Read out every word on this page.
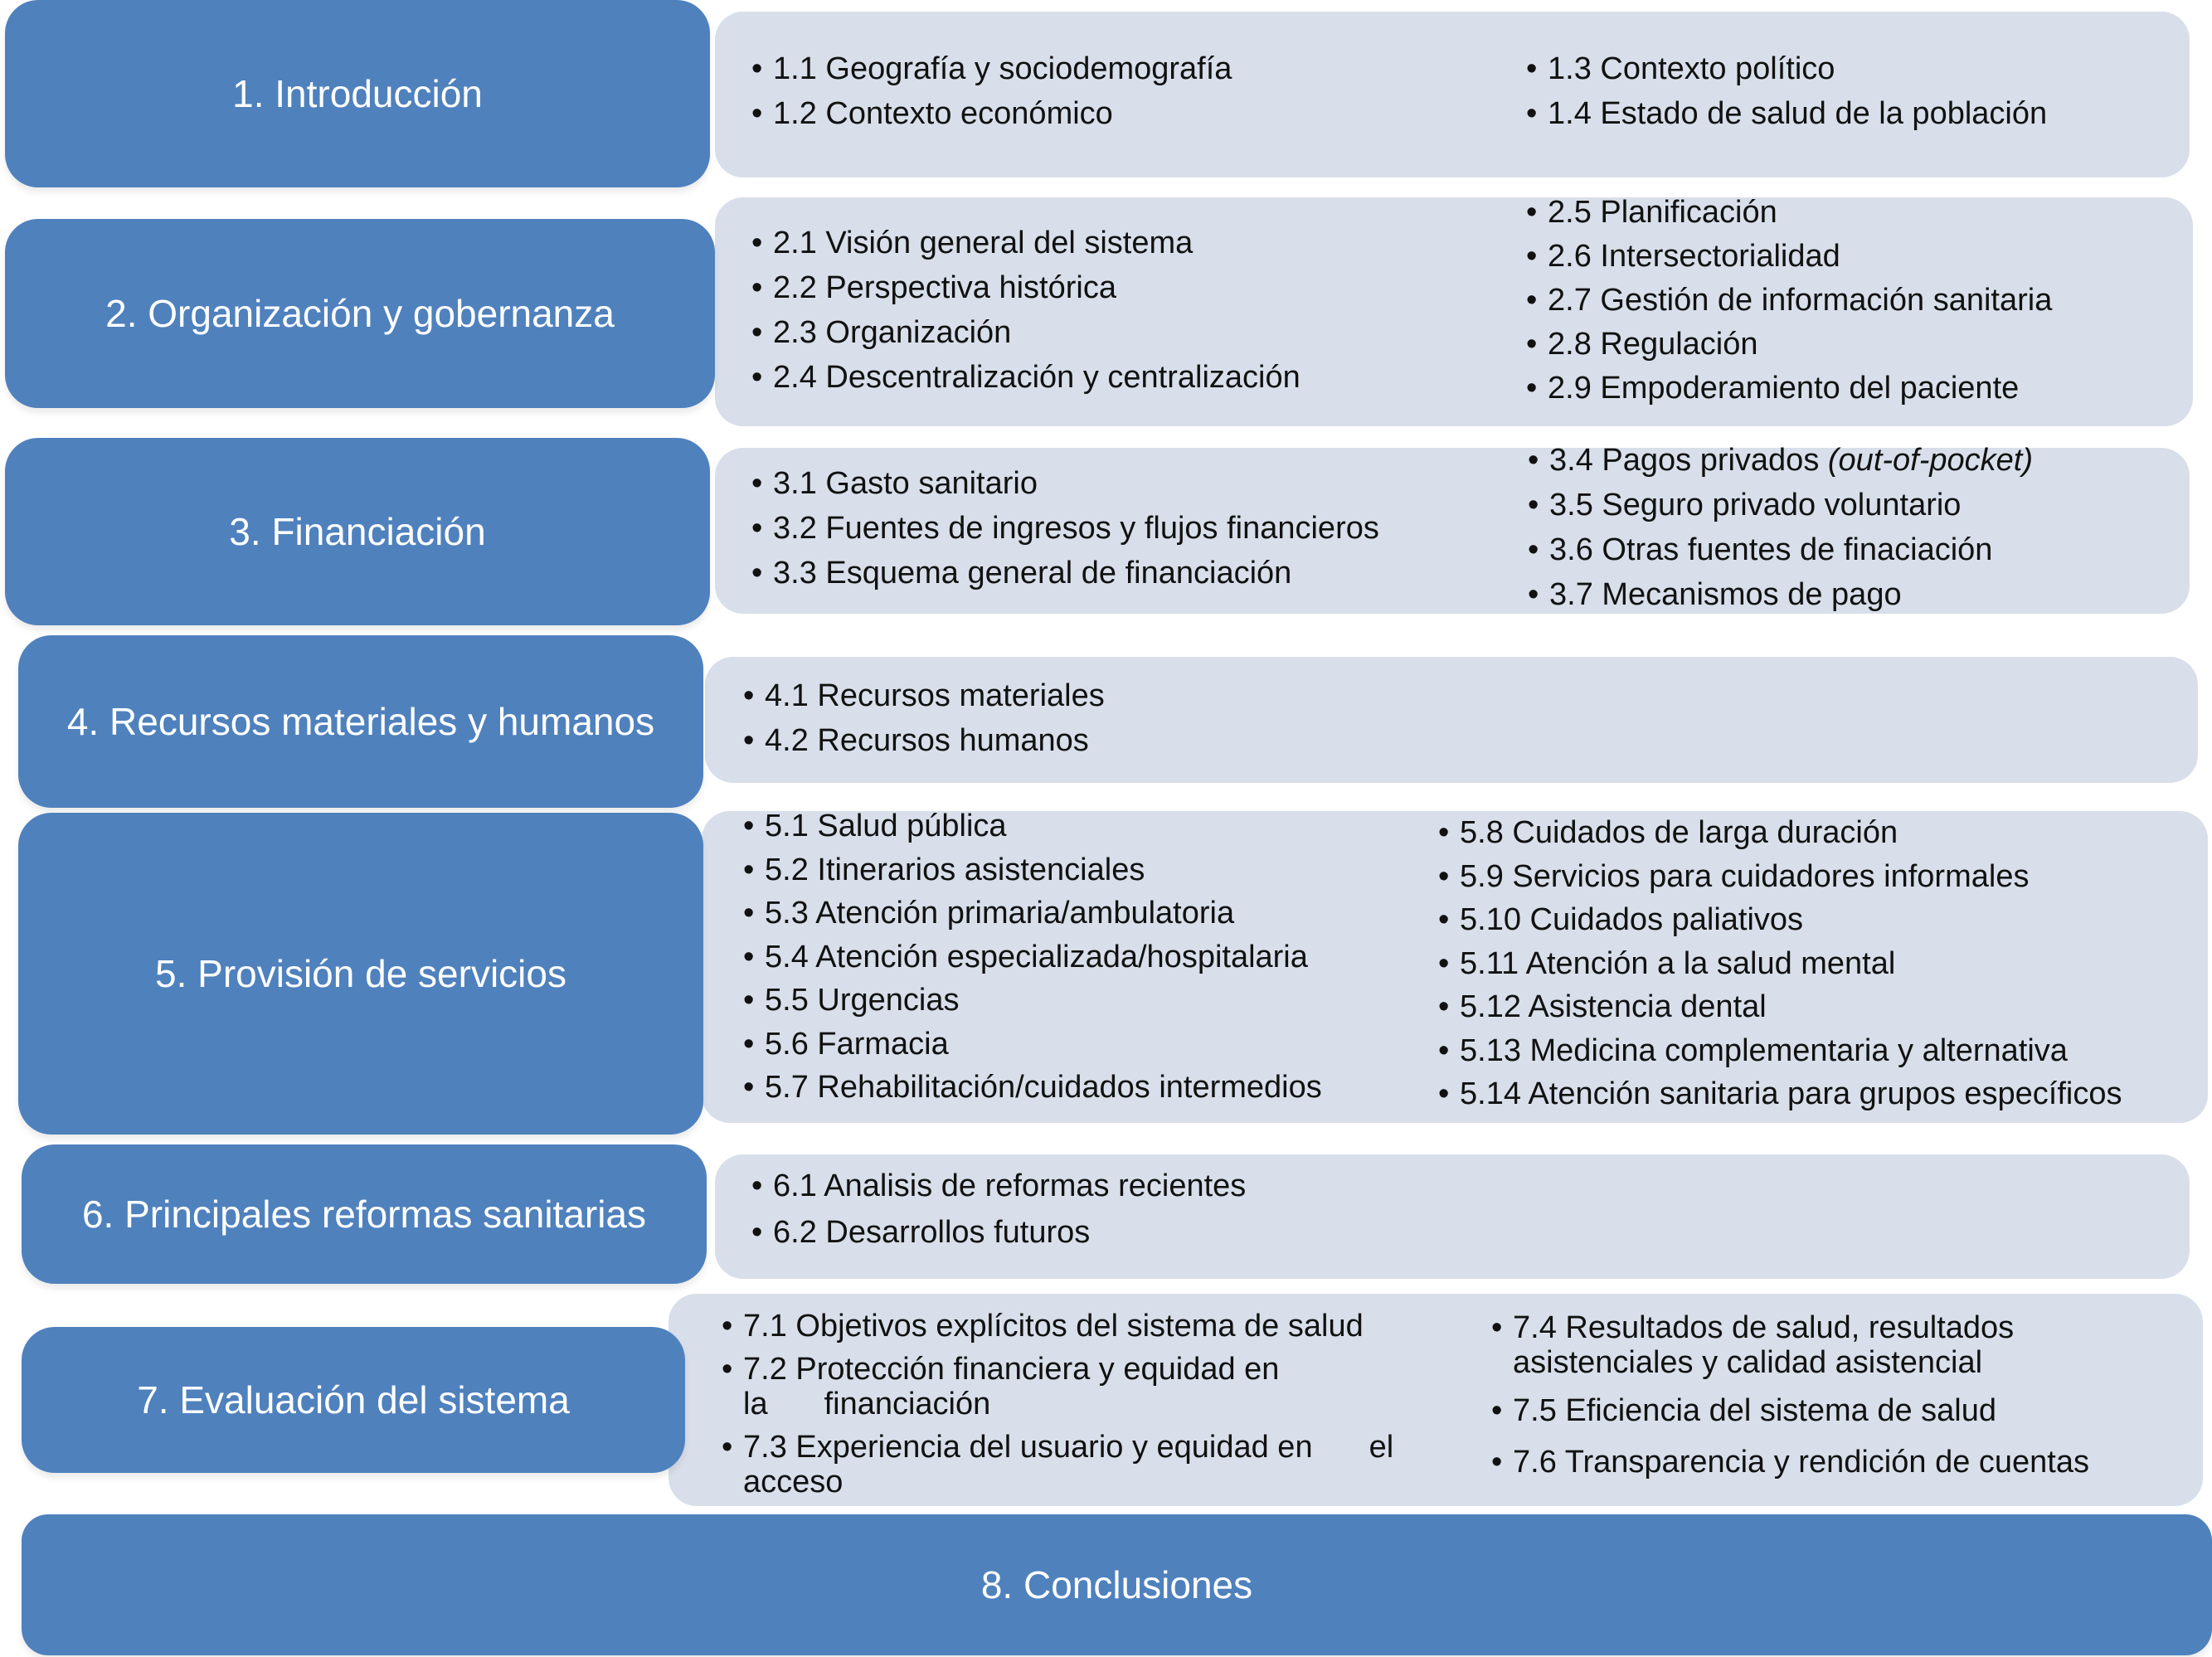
1. Introducción
• 1.1 Geografía y sociodemografía
• 1.2 Contexto económico
• 1.3 Contexto político
• 1.4 Estado de salud de la población
2. Organización y gobernanza
• 2.1 Visión general del sistema
• 2.2 Perspectiva histórica
• 2.3 Organización
• 2.4 Descentralización y centralización
• 2.5 Planificación
• 2.6 Intersectorialidad
• 2.7 Gestión de información sanitaria
• 2.8 Regulación
• 2.9 Empoderamiento del paciente
3. Financiación
• 3.1 Gasto sanitario
• 3.2 Fuentes de ingresos y flujos financieros
• 3.3 Esquema general de financiación
• 3.4 Pagos privados (out-of-pocket)
• 3.5 Seguro privado voluntario
• 3.6 Otras fuentes de finaciación
• 3.7 Mecanismos de pago
4. Recursos materiales y humanos
• 4.1 Recursos materiales
• 4.2 Recursos humanos
5. Provisión de servicios
• 5.1 Salud pública
• 5.2 Itinerarios asistenciales
• 5.3 Atención primaria/ambulatoria
• 5.4 Atención especializada/hospitalaria
• 5.5 Urgencias
• 5.6 Farmacia
• 5.7 Rehabilitación/cuidados intermedios
• 5.8 Cuidados de larga duración
• 5.9 Servicios para cuidadores informales
• 5.10 Cuidados paliativos
• 5.11 Atención a la salud mental
• 5.12 Asistencia dental
• 5.13 Medicina complementaria y alternativa
• 5.14 Atención sanitaria para grupos específicos
6. Principales reformas sanitarias
• 6.1 Analisis de reformas recientes
• 6.2 Desarrollos futuros
7. Evaluación del sistema
• 7.1 Objetivos explícitos del sistema de salud
• 7.2 Protección financiera y equidad en la financiación
• 7.3 Experiencia del usuario y equidad en el acceso
• 7.4 Resultados de salud, resultados
asistenciales y calidad asistencial
• 7.5 Eficiencia del sistema de salud
• 7.6 Transparencia y rendición de cuentas
8. Conclusiones
